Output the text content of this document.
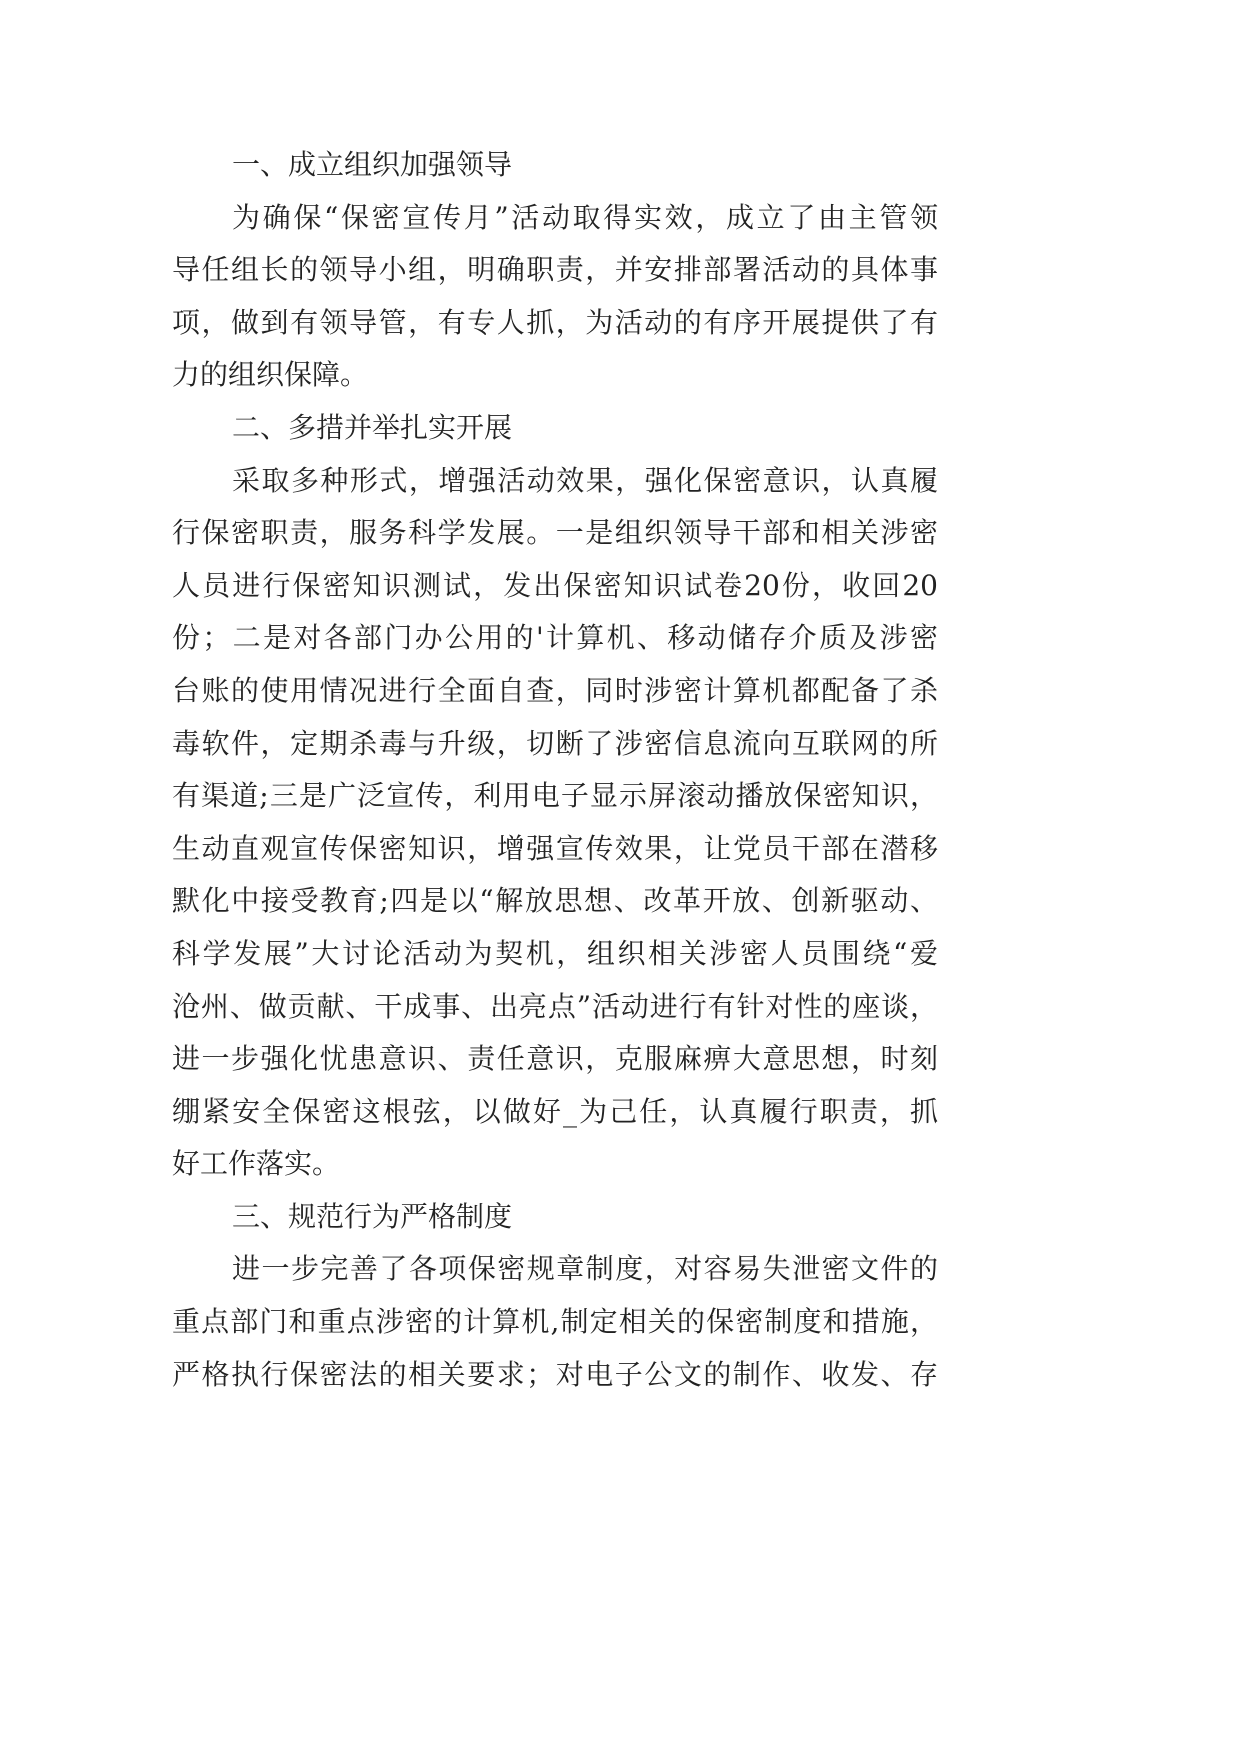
一、成立组织加强领导
为确保“保密宣传月”活动取得实效，成立了由主管领
导任组长的领导小组，明确职责，并安排部署活动的具体事
项，做到有领导管，有专人抓，为活动的有序开展提供了有
力的组织保障。
二、多措并举扎实开展
采取多种形式，增强活动效果，强化保密意识，认真履
行保密职责，服务科学发展。一是组织领导干部和相关涉密
人员进行保密知识测试，发出保密知识试卷20份，收回20
份；二是对各部门办公用的'计算机、移动储存介质及涉密
台账的使用情况进行全面自查，同时涉密计算机都配备了杀
毒软件，定期杀毒与升级，切断了涉密信息流向互联网的所
有渠道;三是广泛宣传，利用电子显示屏滚动播放保密知识，
生动直观宣传保密知识，增强宣传效果，让党员干部在潜移
默化中接受教育;四是以“解放思想、改革开放、创新驱动、
科学发展”大讨论活动为契机，组织相关涉密人员围绕“爱
沧州、做贡献、干成事、出亮点”活动进行有针对性的座谈，
进一步强化忧患意识、责任意识，克服麻痹大意思想，时刻
绷紧安全保密这根弦，以做好_为己任，认真履行职责，抓
好工作落实。
三、规范行为严格制度
进一步完善了各项保密规章制度，对容易失泄密文件的
重点部门和重点涉密的计算机,制定相关的保密制度和措施，
严格执行保密法的相关要求；对电子公文的制作、收发、存
